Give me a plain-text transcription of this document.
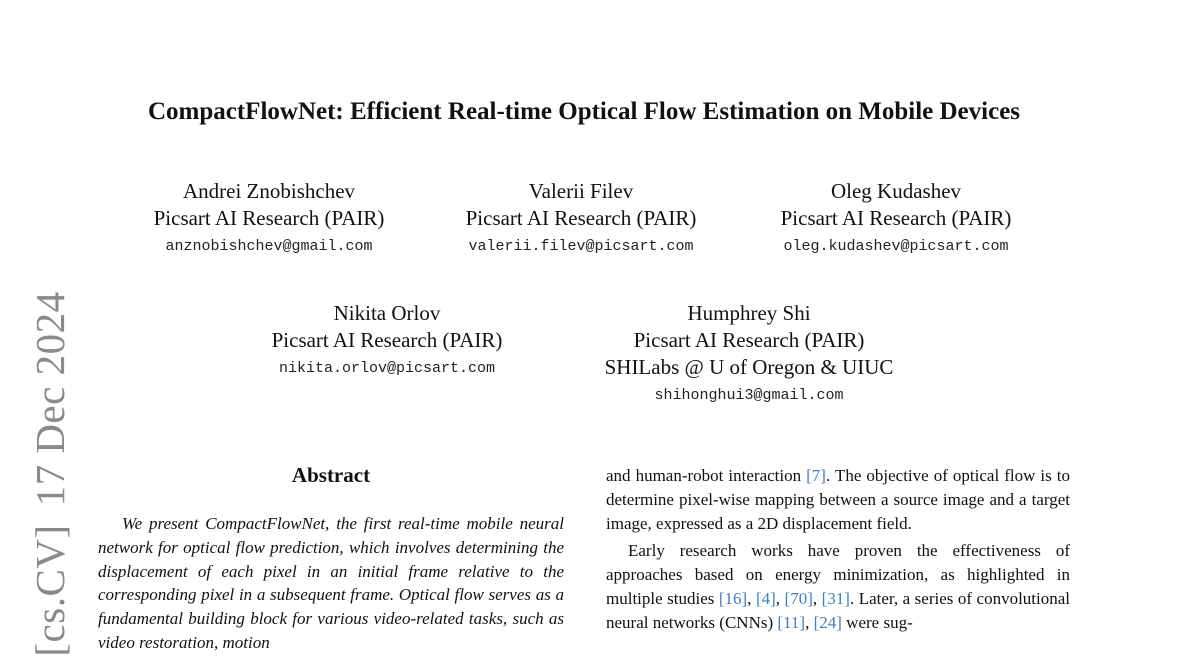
[cs.CV]17 Dec 2024
CompactFlowNet: Efficient Real-time Optical Flow Estimation on Mobile Devices
Andrei Znobishchev
Picsart AI Research (PAIR)
anznobishchev@gmail.com
Valerii Filev
Picsart AI Research (PAIR)
valerii.filev@picsart.com
Oleg Kudashev
Picsart AI Research (PAIR)
oleg.kudashev@picsart.com
Nikita Orlov
Picsart AI Research (PAIR)
nikita.orlov@picsart.com
Humphrey Shi
Picsart AI Research (PAIR)
SHILabs @ U of Oregon & UIUC
shihonghui3@gmail.com
Abstract

We present CompactFlowNet, the first real-time mobile neural network for optical flow prediction, which involves determining the displacement of each pixel in an initial frame relative to the corresponding pixel in a subsequent frame. Optical flow serves as a fundamental building block for various video-related tasks, such as video restoration, motion

and human-robot interaction [7]. The objective of optical flow is to determine pixel-wise mapping between a source image and a target image, expressed as a 2D displacement field.

Early research works have proven the effectiveness of approaches based on energy minimization, as highlighted in multiple studies [16], [4], [70], [31]. Later, a series of convolutional neural networks (CNNs) [11], [24] were sug-
